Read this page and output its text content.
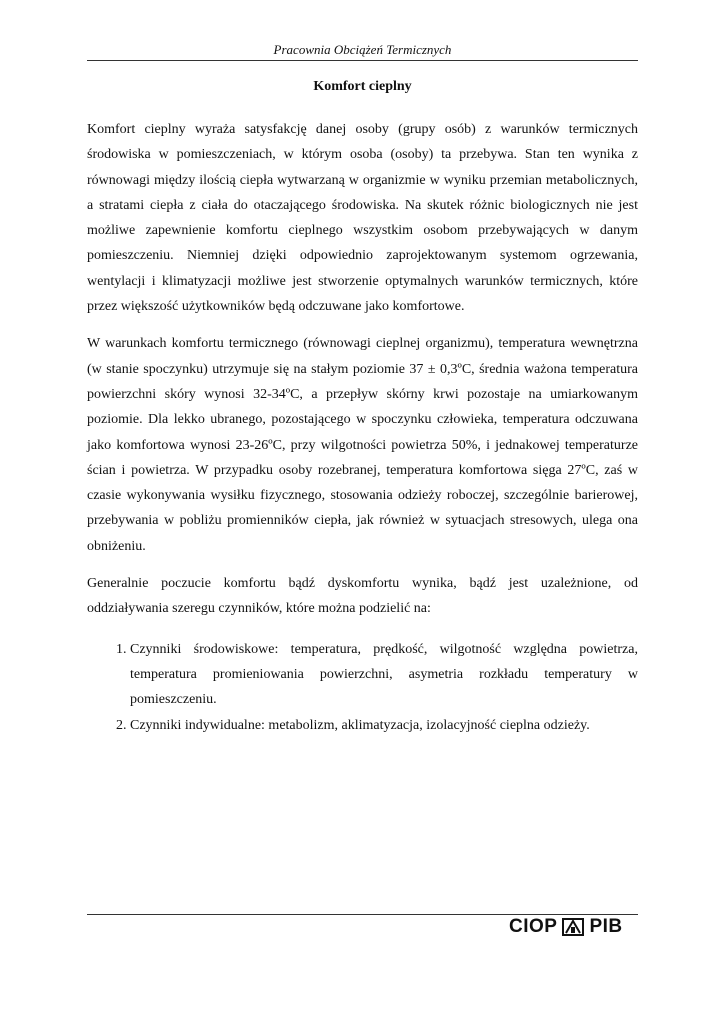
Pracownia Obciążeń Termicznych
Komfort cieplny

Komfort cieplny wyraża satysfakcję danej osoby (grupy osób) z warunków termicznych środowiska w pomieszczeniach, w którym osoba (osoby) ta przebywa. Stan ten wynika z równowagi między ilością ciepła wytwarzaną w organizmie w wyniku przemian metabolicznych, a stratami ciepła z ciała do otaczającego środowiska. Na skutek różnic biologicznych nie jest możliwe zapewnienie komfortu cieplnego wszystkim osobom przebywających w danym pomieszczeniu. Niemniej dzięki odpowiednio zaprojektowanym systemom ogrzewania, wentylacji i klimatyzacji możliwe jest stworzenie optymalnych warunków termicznych, które przez większość użytkowników będą odczuwane jako komfortowe.

W warunkach komfortu termicznego (równowagi cieplnej organizmu), temperatura wewnętrzna (w stanie spoczynku) utrzymuje się na stałym poziomie 37 ± 0,3ºC, średnia ważona temperatura powierzchni skóry wynosi 32-34ºC, a przepływ skórny krwi pozostaje na umiarkowanym poziomie. Dla lekko ubranego, pozostającego w spoczynku człowieka, temperatura odczuwana jako komfortowa wynosi 23-26ºC, przy wilgotności powietrza 50%, i jednakowej temperaturze ścian i powietrza. W przypadku osoby rozebranej, temperatura komfortowa sięga 27ºC, zaś w czasie wykonywania wysiłku fizycznego, stosowania odzieży roboczej, szczególnie barierowej, przebywania w pobliżu promienników ciepła, jak również w sytuacjach stresowych, ulega ona obniżeniu.

Generalnie poczucie komfortu bądź dyskomfortu wynika, bądź jest uzależnione, od oddziaływania szeregu czynników, które można podzielić na:

1. Czynniki środowiskowe: temperatura, prędkość, wilgotność względna powietrza, temperatura promieniowania powierzchni, asymetria rozkładu temperatury w pomieszczeniu.
2. Czynniki indywidualne: metabolizm, aklimatyzacja, izolacyjność cieplna odzieży.
CIOP PIB
